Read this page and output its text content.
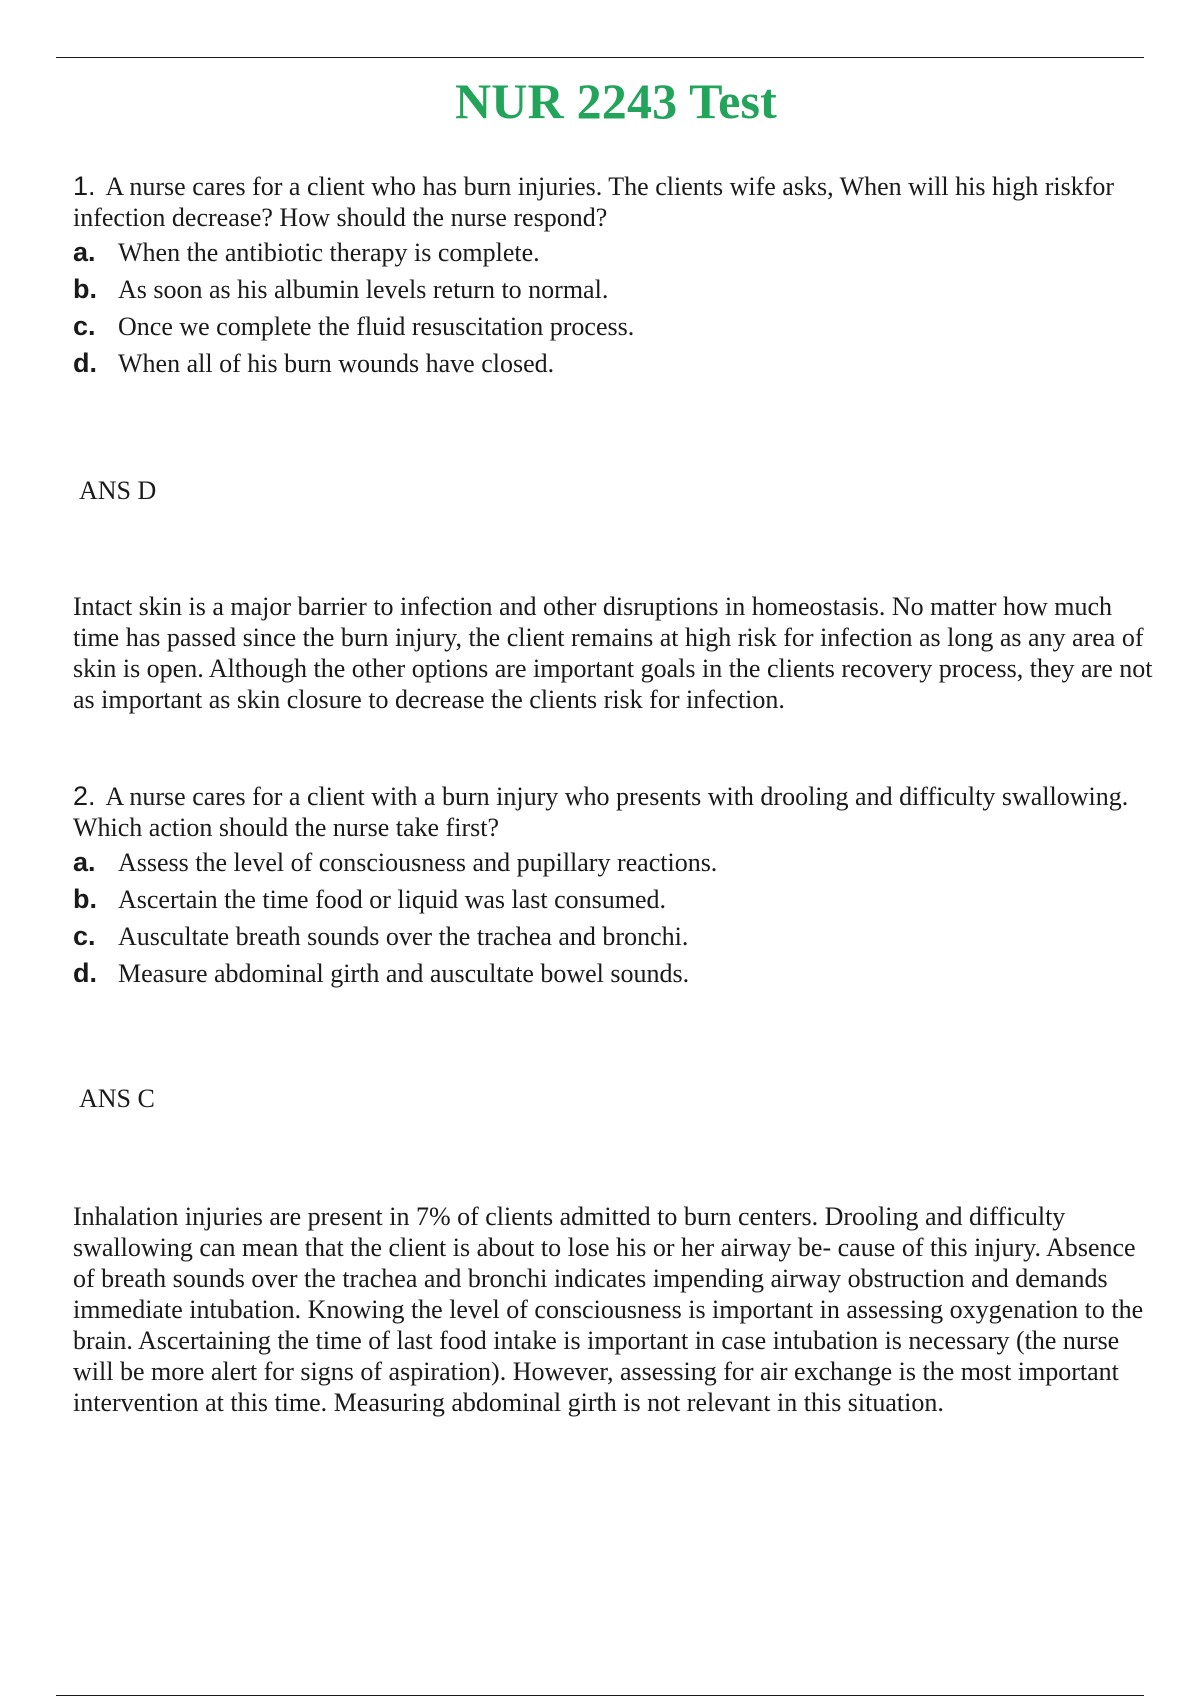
NUR 2243 Test

1. A nurse cares for a client who has burn injuries. The clients wife asks, When will his high riskfor infection decrease? How should the nurse respond?

a. When the antibiotic therapy is complete.
b. As soon as his albumin levels return to normal.
c. Once we complete the fluid resuscitation process.
d. When all of his burn wounds have closed.

ANS D

Intact skin is a major barrier to infection and other disruptions in homeostasis. No matter how much time has passed since the burn injury, the client remains at high risk for infection as long as any area of skin is open. Although the other options are important goals in the clients recovery process, they are not as important as skin closure to decrease the clients risk for infection.

2. A nurse cares for a client with a burn injury who presents with drooling and difficulty swallowing. Which action should the nurse take first?

a. Assess the level of consciousness and pupillary reactions.
b. Ascertain the time food or liquid was last consumed.
c. Auscultate breath sounds over the trachea and bronchi.
d. Measure abdominal girth and auscultate bowel sounds.

ANS C

Inhalation injuries are present in 7% of clients admitted to burn centers. Drooling and difficulty swallowing can mean that the client is about to lose his or her airway be- cause of this injury. Absence of breath sounds over the trachea and bronchi indicates impending airway obstruction and demands immediate intubation. Knowing the level of consciousness is important in assessing oxygenation to the brain. Ascertaining the time of last food intake is important in case intubation is necessary (the nurse will be more alert for signs of aspiration). However, assessing for air exchange is the most important intervention at this time. Measuring abdominal girth is not relevant in this situation.
